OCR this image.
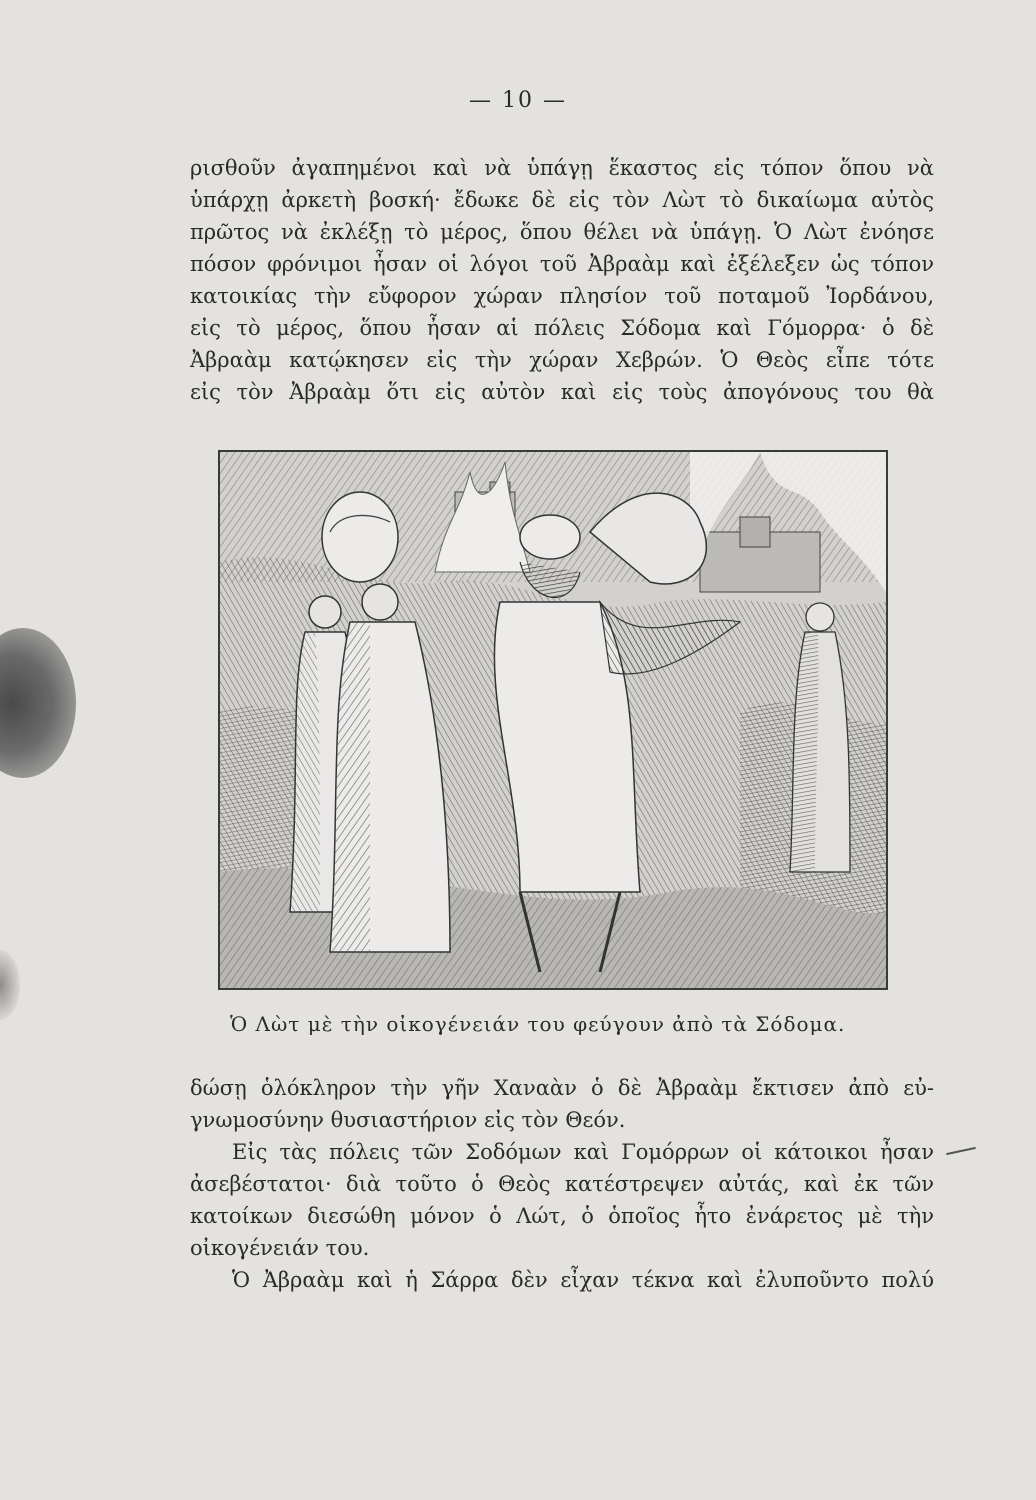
— 10 —
ρισθοῦν ἀγαπημένοι καὶ νὰ ὑπάγῃ ἕκαστος εἰς τόπον ὅπου νὰ
ὑπάρχῃ ἀρκετὴ βοσκή· ἔδωκε δὲ εἰς τὸν Λὼτ τὸ δικαίωμα αὐτὸς
πρῶτος νὰ ἐκλέξῃ τὸ μέρος, ὅπου θέλει νὰ ὑπάγῃ. Ὁ Λὼτ ἐνόησε
πόσον φρόνιμοι ἦσαν οἱ λόγοι τοῦ Ἀβραὰμ καὶ ἐξέλεξεν ὡς τόπον
κατοικίας τὴν εὔφορον χώραν πλησίον τοῦ ποταμοῦ Ἰορδάνου,
εἰς τὸ μέρος, ὅπου ἦσαν αἱ πόλεις Σόδομα καὶ Γόμορρα· ὁ δὲ
Ἀβραὰμ κατῴκησεν εἰς τὴν χώραν Χεβρών. Ὁ Θεὸς εἶπε τότε
εἰς τὸν Ἀβραὰμ ὅτι εἰς αὐτὸν καὶ εἰς τοὺς ἀπογόνους του θὰ
Ὁ Λὼτ μὲ τὴν οἰκογένειάν του φεύγουν ἀπὸ τὰ Σόδομα.
δώσῃ ὁλόκληρον τὴν γῆν Χαναὰν ὁ δὲ Ἀβραὰμ ἔκτισεν ἀπὸ εὐ-
γνωμοσύνην θυσιαστήριον εἰς τὸν Θεόν.
Εἰς τὰς πόλεις τῶν Σοδόμων καὶ Γομόρρων οἱ κάτοικοι ἦσαν
ἀσεβέστατοι· διὰ τοῦτο ὁ Θεὸς κατέστρεψεν αὐτάς, καὶ ἐκ τῶν
κατοίκων διεσώθη μόνον ὁ Λώτ, ὁ ὁποῖος ἦτο ἐνάρετος μὲ τὴν
οἰκογένειάν του.
Ὁ Ἀβραὰμ καὶ ἡ Σάρρα δὲν εἶχαν τέκνα καὶ ἐλυποῦντο πολύ
